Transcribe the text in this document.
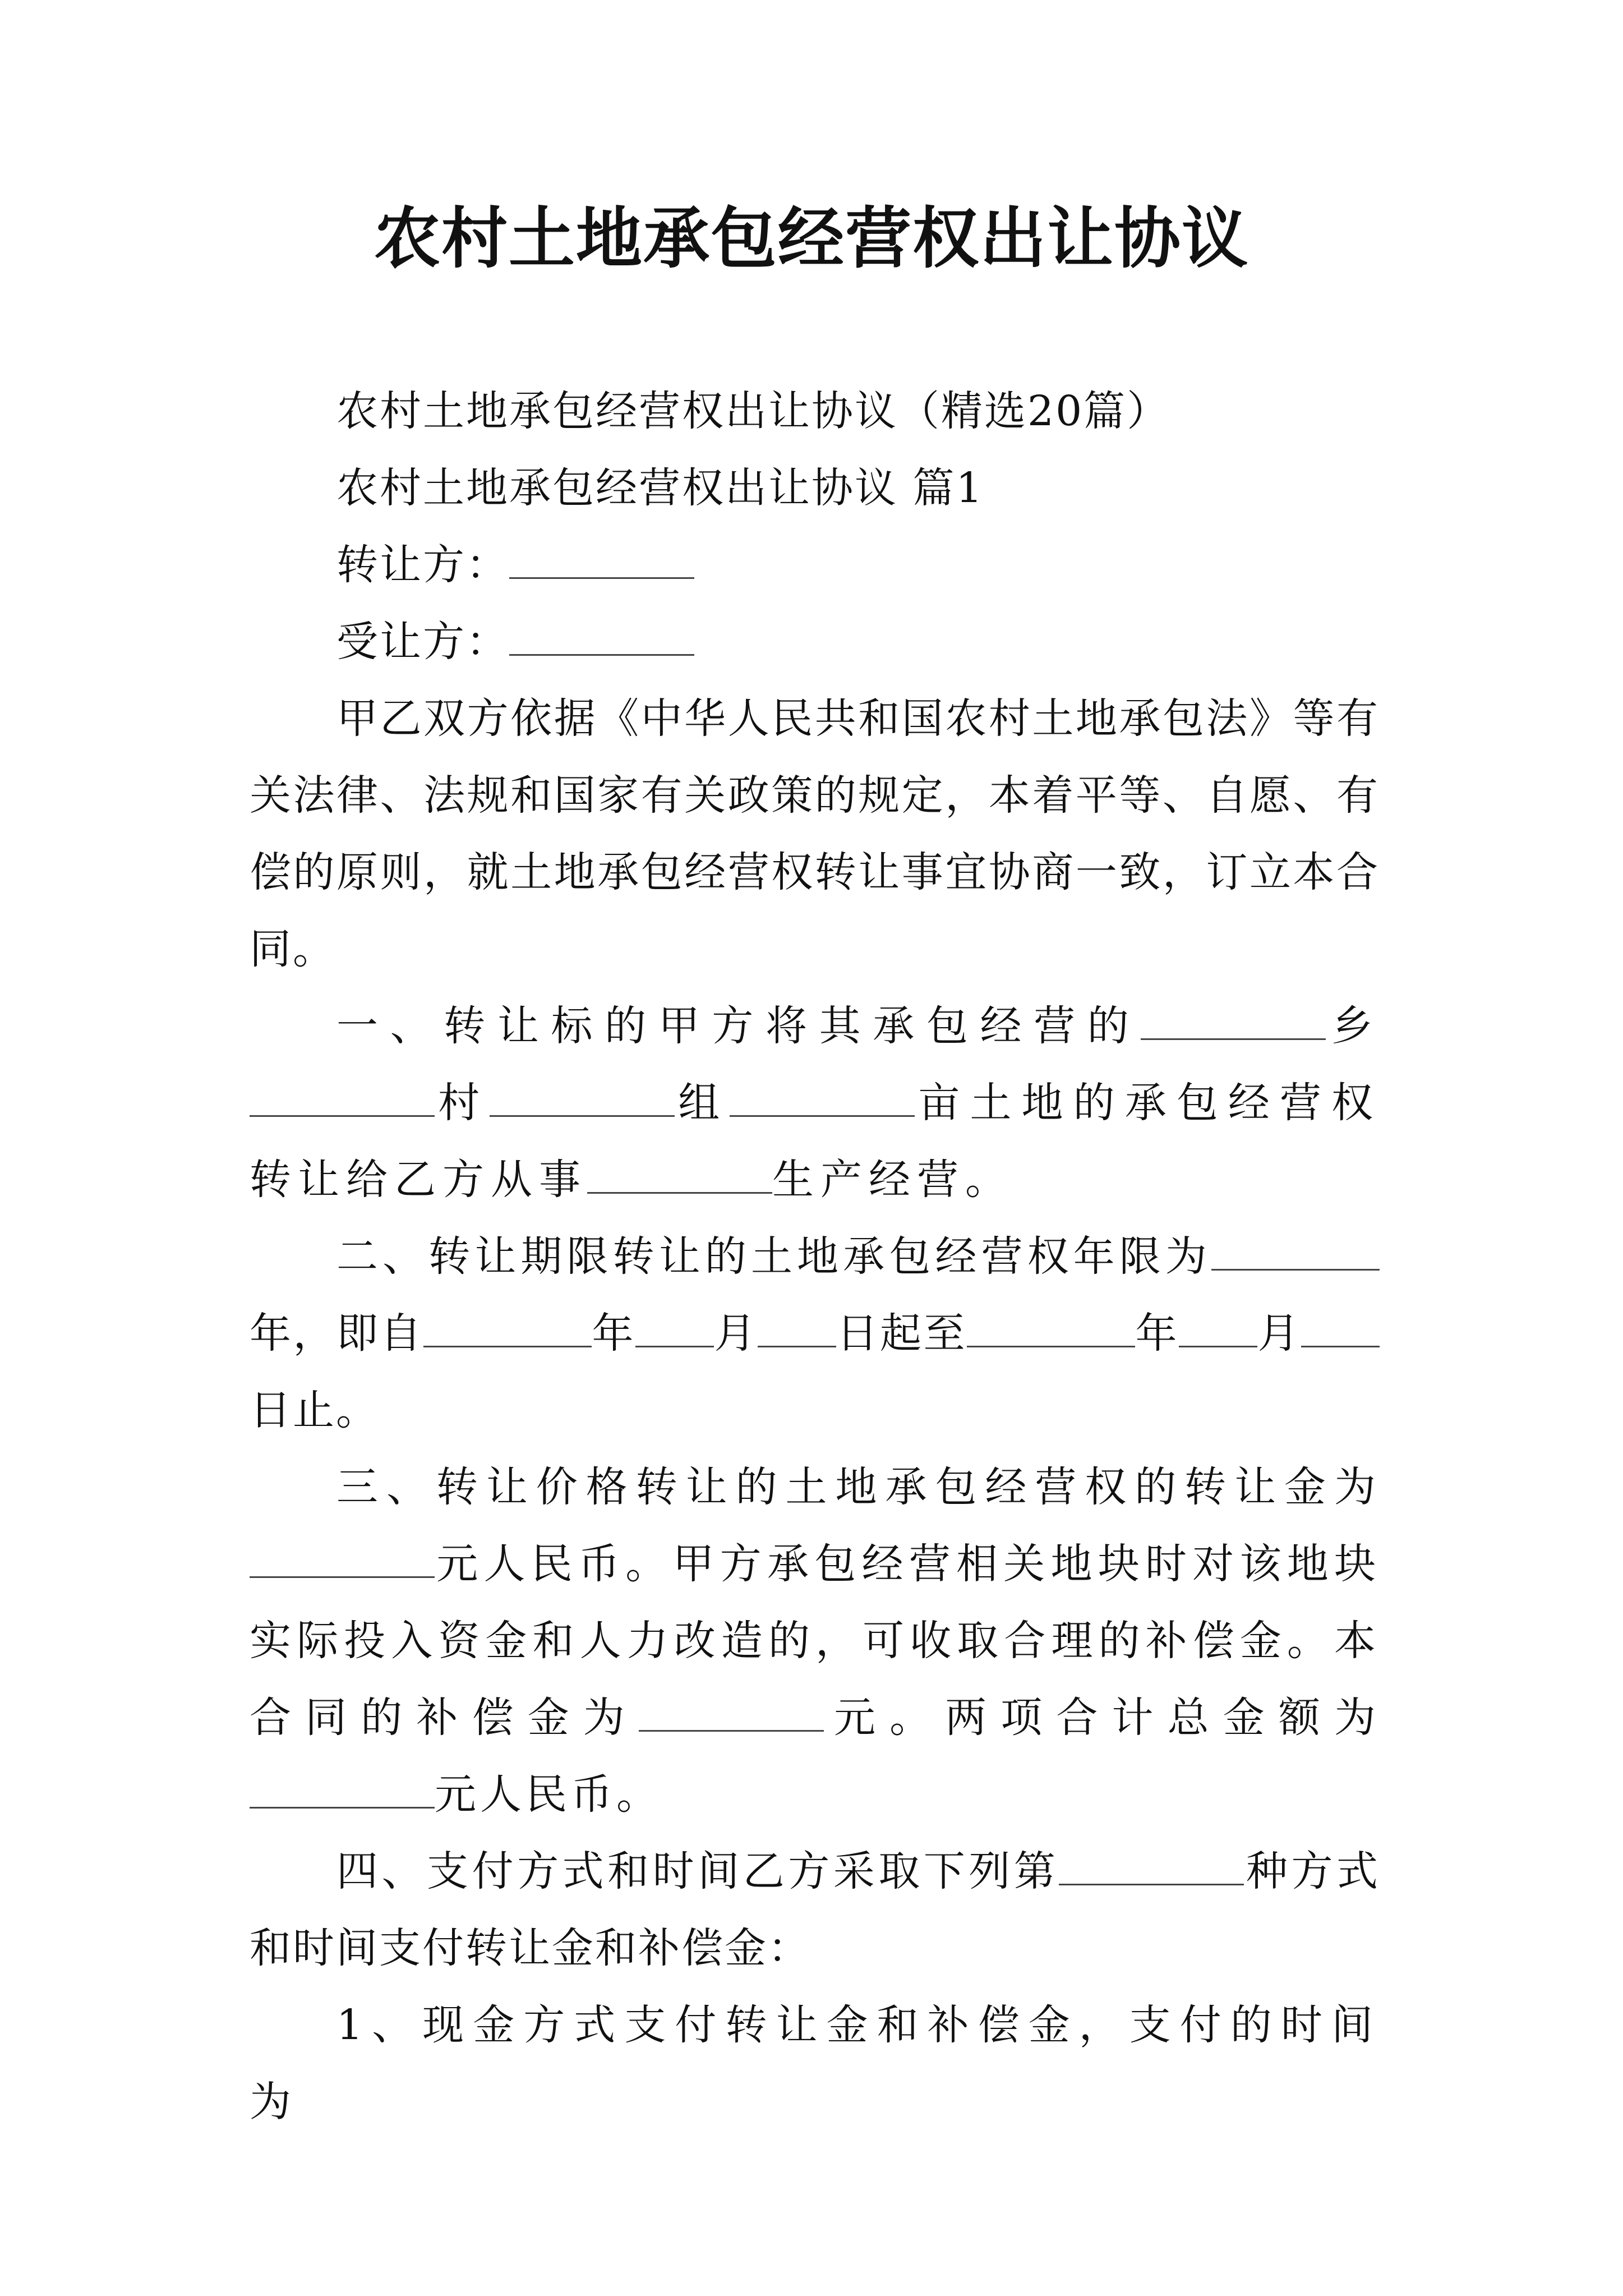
农村土地承包经营权出让协议

农村土地承包经营权出让协议（精选20篇）

农村土地承包经营权出让协议 篇1

转让方：

受让方：

甲乙双方依据《中华人民共和国农村土地承包法》等有关法律、法规和国家有关政策的规定，本着平等、自愿、有偿的原则，就土地承包经营权转让事宜协商一致，订立本合同。

一、转让标的甲方将其承包经营的	乡村	组	亩土地的承包经营权转让给乙方从事	生产经营。

二、转让期限转让的土地承包经营权年限为年，即自	年 月 日起至	年 月日止。

三、转让价格转让的土地承包经营权的转让金为元人民币。甲方承包经营相关地块时对该地块实际投入资金和人力改造的，可收取合理的补偿金。本合同的补偿金为	元。两项合计总金额为元人民币。

四、支付方式和时间乙方采取下列第	种方式和时间支付转让金和补偿金：

1、现金方式支付转让金和补偿金，支付的时间为
